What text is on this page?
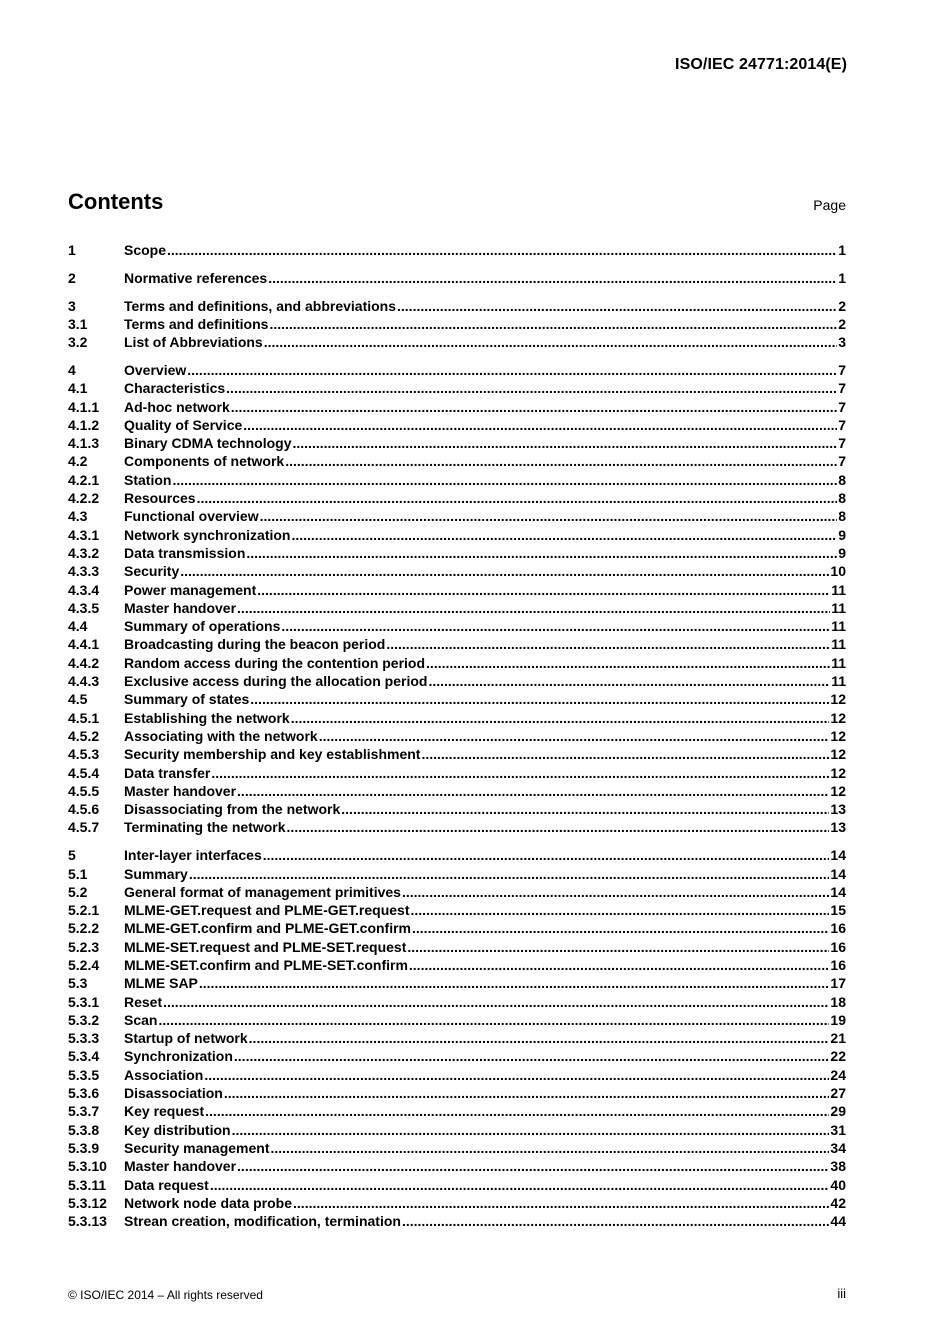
ISO/IEC 24771:2014(E)
Contents	Page
1	Scope .....	1
2	Normative references .....	1
3	Terms and definitions, and abbreviations .....	2
3.1	Terms and definitions .....	2
3.2	List of Abbreviations .....	3
4	Overview .....	7
4.1	Characteristics .....	7
4.1.1	Ad-hoc network .....	7
4.1.2	Quality of Service .....	7
4.1.3	Binary CDMA technology .....	7
4.2	Components of network .....	7
4.2.1	Station .....	8
4.2.2	Resources .....	8
4.3	Functional overview .....	8
4.3.1	Network synchronization .....	9
4.3.2	Data transmission .....	9
4.3.3	Security .....	10
4.3.4	Power management .....	11
4.3.5	Master handover .....	11
4.4	Summary of operations .....	11
4.4.1	Broadcasting during the beacon period .....	11
4.4.2	Random access during the contention period .....	11
4.4.3	Exclusive access during the allocation period .....	11
4.5	Summary of states .....	12
4.5.1	Establishing the network .....	12
4.5.2	Associating with the network .....	12
4.5.3	Security membership and key establishment .....	12
4.5.4	Data transfer .....	12
4.5.5	Master handover .....	12
4.5.6	Disassociating from the network .....	13
4.5.7	Terminating the network .....	13
5	Inter-layer interfaces .....	14
5.1	Summary .....	14
5.2	General format of management primitives .....	14
5.2.1	MLME-GET.request and PLME-GET.request .....	15
5.2.2	MLME-GET.confirm and PLME-GET.confirm .....	16
5.2.3	MLME-SET.request and PLME-SET.request .....	16
5.2.4	MLME-SET.confirm and PLME-SET.confirm .....	16
5.3	MLME SAP .....	17
5.3.1	Reset .....	18
5.3.2	Scan .....	19
5.3.3	Startup of network .....	21
5.3.4	Synchronization .....	22
5.3.5	Association .....	24
5.3.6	Disassociation .....	27
5.3.7	Key request .....	29
5.3.8	Key distribution .....	31
5.3.9	Security management .....	34
5.3.10	Master handover .....	38
5.3.11	Data request .....	40
5.3.12	Network node data probe .....	42
5.3.13	Strean creation, modification, termination .....	44
© ISO/IEC 2014 – All rights reserved	iii
